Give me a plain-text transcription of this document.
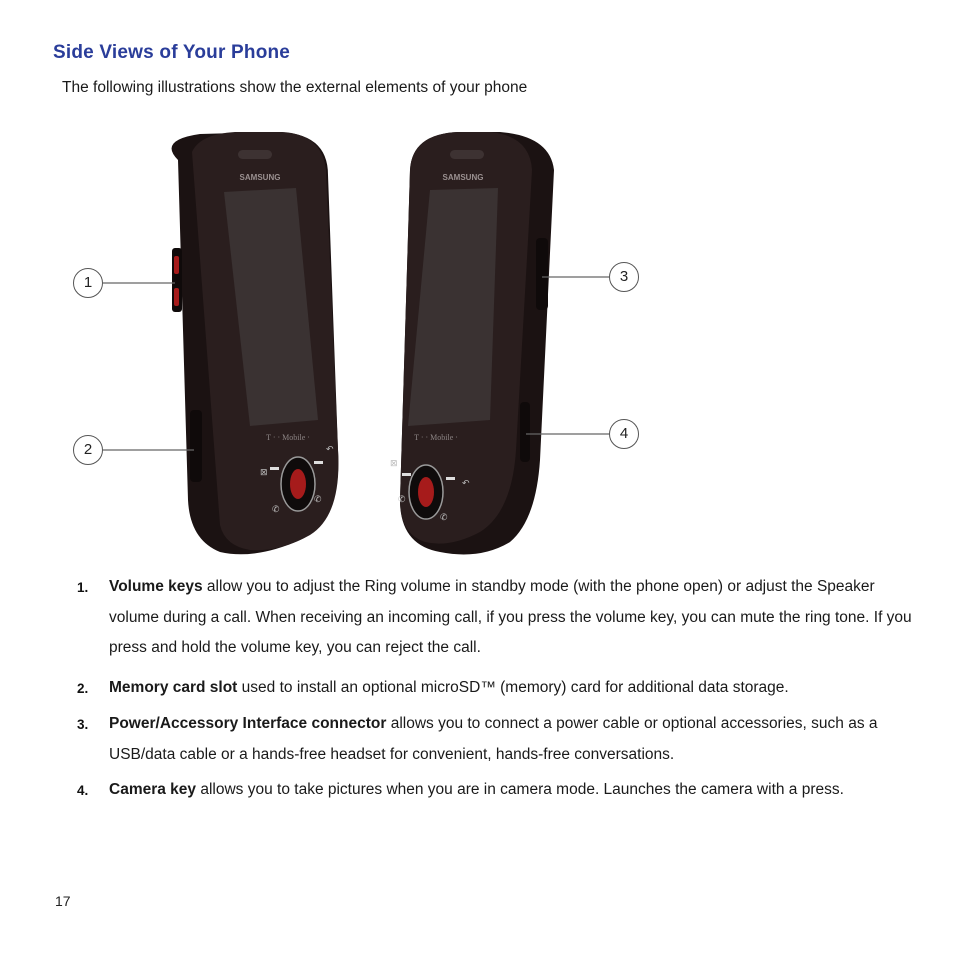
Side Views of Your Phone
The following illustrations show the external elements of your phone
SAMSUNG
T · · Mobile ·
⊠
↶
✆
✆
SAMSUNG
T · · Mobile ·
⊠
↶
✆
✆
1
2
3
4
1. Volume keys allow you to adjust the Ring volume in standby mode (with the phone open) or adjust the Speaker volume during a call. When receiving an incoming call, if you press the volume key, you can mute the ring tone. If you press and hold the volume key, you can reject the call.
2. Memory card slot used to install an optional microSD™ (memory) card for additional data storage.
3. Power/Accessory Interface connector allows you to connect a power cable or optional accessories, such as a USB/data cable or a hands-free headset for convenient, hands-free conversations.
4. Camera key allows you to take pictures when you are in camera mode. Launches the camera with a press.
17
